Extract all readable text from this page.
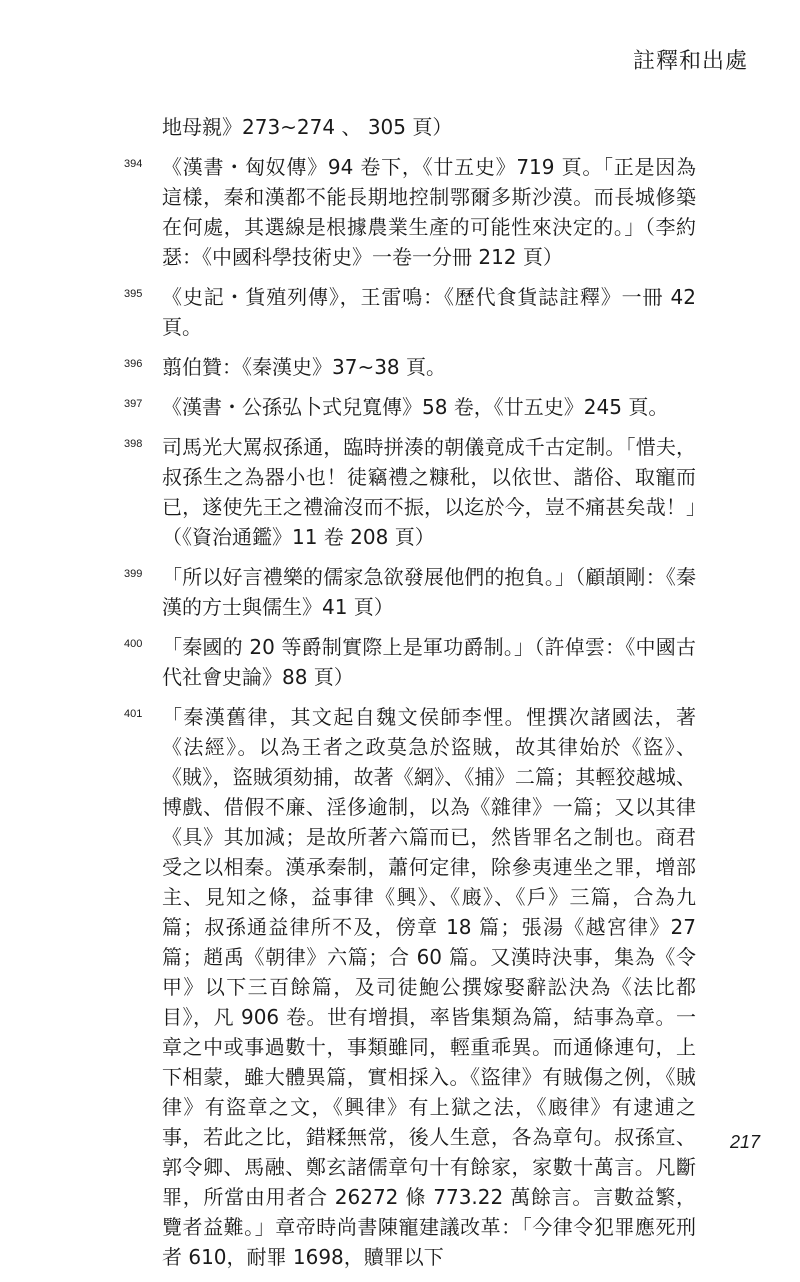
註釋和出處
地母親》273~274 、 305 頁）
394 《漢書・匈奴傳》94 卷下，《廿五史》719 頁。「正是因為這樣，秦和漢都不能長期地控制鄂爾多斯沙漠。而長城修築在何處，其選線是根據農業生產的可能性來決定的。」（李約瑟：《中國科學技術史》一卷一分冊 212 頁）
395 《史記・貨殖列傳》，王雷鳴：《歷代食貨誌註釋》一冊 42 頁。
396 翦伯贊：《秦漢史》37~38 頁。
397 《漢書・公孫弘卜式兒寬傳》58 卷，《廿五史》245 頁。
398 司馬光大罵叔孫通，臨時拼湊的朝儀竟成千古定制。「惜夫，叔孫生之為器小也！徒竊禮之糠秕，以依世、諧俗、取寵而已，遂使先王之禮淪沒而不振，以迄於今，豈不痛甚矣哉！」（《資治通鑑》11 卷 208 頁）
399 「所以好言禮樂的儒家急欲發展他們的抱負。」（顧頡剛：《秦漢的方士與儒生》41 頁）
400 「秦國的 20 等爵制實際上是軍功爵制。」（許倬雲：《中國古代社會史論》88 頁）
401 「秦漢舊律，其文起自魏文侯師李悝。悝撰次諸國法，著《法經》。以為王者之政莫急於盜賊，故其律始於《盜》、《賊》，盜賊須劾捕，故著《網》、《捕》二篇；其輕狡越城、博戲、借假不廉、淫侈逾制，以為《雜律》一篇；又以其律《具》其加減；是故所著六篇而已，然皆罪名之制也。商君受之以相秦。漢承秦制，蕭何定律，除參夷連坐之罪，增部主、見知之條，益事律《興》、《廄》、《戶》三篇，合為九篇；叔孫通益律所不及，傍章 18 篇；張湯《越宮律》27 篇；趙禹《朝律》六篇；合 60 篇。又漢時決事，集為《令甲》以下三百餘篇，及司徒鮑公撰嫁娶辭訟決為《法比都目》，凡 906 卷。世有增損，率皆集類為篇，結事為章。一章之中或事過數十，事類雖同，輕重乖異。而通條連句，上下相蒙，雖大體異篇，實相採入。《盜律》有賊傷之例，《賊律》有盜章之文，《興律》有上獄之法，《廄律》有逮逋之事，若此之比，錯糅無常，後人生意，各為章句。叔孫宣、郭令卿、馬融、鄭玄諸儒章句十有餘家，家數十萬言。凡斷罪，所當由用者合 26272 條 773.22 萬餘言。言數益繁，覽者益難。」章帝時尚書陳寵建議改革：「今律令犯罪應死刑者 610，耐罪 1698，贖罪以下
217
